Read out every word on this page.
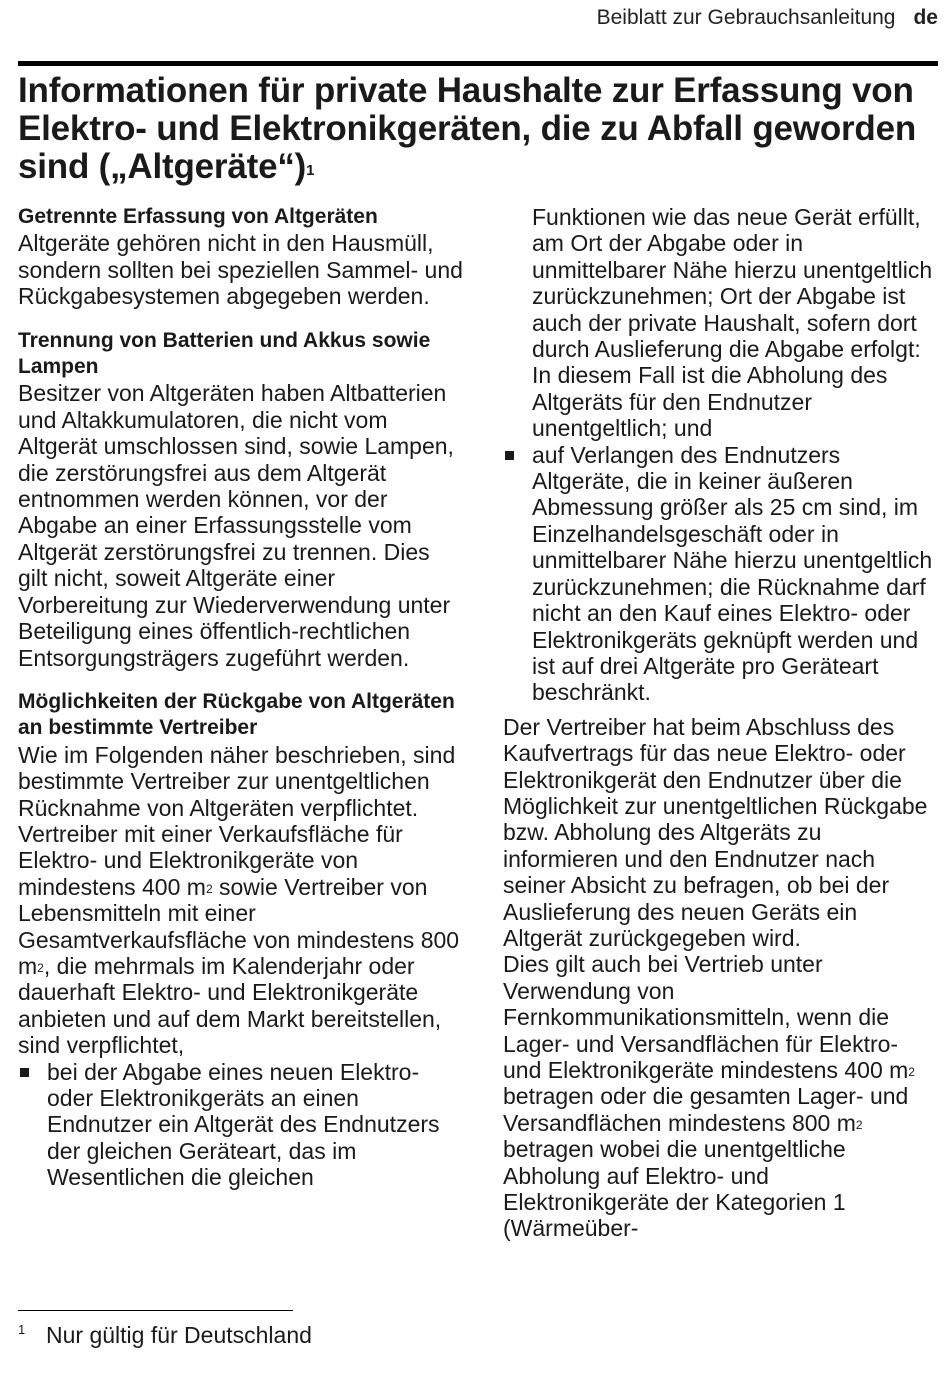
Beiblatt zur Gebrauchsanleitung de
Informationen für private Haushalte zur Erfassung von Elektro- und Elektronikgeräten, die zu Abfall geworden sind („Altgeräte“)$^1$
Getrennte Erfassung von Altgeräten

Altgeräte gehören nicht in den Hausmüll, sondern sollten bei speziellen Sammel- und Rückgabesystemen abgegeben werden.

Trennung von Batterien und Akkus sowie Lampen

Besitzer von Altgeräten haben Altbatterien und Altakkumulatoren, die nicht vom Altgerät umschlossen sind, sowie Lampen, die zerstörungsfrei aus dem Altgerät entnommen werden können, vor der Abgabe an einer Erfassungsstelle vom Altgerät zerstörungsfrei zu trennen. Dies gilt nicht, soweit Altgeräte einer Vorbereitung zur Wiederverwendung unter Beteiligung eines öffentlich-rechtlichen Entsorgungsträgers zugeführt werden.

Möglichkeiten der Rückgabe von Altgeräten an bestimmte Vertreiber

Wie im Folgenden näher beschrieben, sind bestimmte Vertreiber zur unentgeltlichen Rücknahme von Altgeräten verpflichtet.

Vertreiber mit einer Verkaufsfläche für Elektro- und Elektronikgeräte von mindestens 400 $m^2$ sowie Vertreiber von Lebensmitteln mit einer Gesamtverkaufsfläche von mindestens 800 $m^2$, die mehrmals im Kalenderjahr oder dauerhaft Elektro- und Elektronikgeräte anbieten und auf dem Markt bereitstellen, sind verpflichtet,

bei der Abgabe eines neuen Elektro- oder Elektronikgeräts an einen Endnutzer ein Altgerät des Endnutzers der gleichen Geräteart, das im Wesentlichen die gleichen

Funktionen wie das neue Gerät erfüllt, am Ort der Abgabe oder in unmittelbarer Nähe hierzu unentgeltlich zurückzunehmen; Ort der Abgabe ist auch der private Haushalt, sofern dort durch Auslieferung die Abgabe erfolgt: In diesem Fall ist die Abholung des Altgeräts für den Endnutzer unentgeltlich; und

auf Verlangen des Endnutzers Altgeräte, die in keiner äußeren Abmessung größer als 25 cm sind, im Einzelhandelsgeschäft oder in unmittelbarer Nähe hierzu unentgeltlich zurückzunehmen; die Rücknahme darf nicht an den Kauf eines Elektro- oder Elektronikgeräts geknüpft werden und ist auf drei Altgeräte pro Geräteart beschränkt.

Der Vertreiber hat beim Abschluss des Kaufvertrags für das neue Elektro- oder Elektronikgerät den Endnutzer über die Möglichkeit zur unentgeltlichen Rückgabe bzw. Abholung des Altgeräts zu informieren und den Endnutzer nach seiner Absicht zu befragen, ob bei der Auslieferung des neuen Geräts ein Altgerät zurückgegeben wird.

Dies gilt auch bei Vertrieb unter Verwendung von Fernkommunikationsmitteln, wenn die Lager- und Versandflächen für Elektro- und Elektronikgeräte mindestens 400 $m^2$ betragen oder die gesamten Lager- und Versandflächen mindestens 800 $m^2$ betragen wobei die unentgeltliche Abholung auf Elektro- und Elektronikgeräte der Kategorien 1 (Wärmeüber-

1 Nur gültig für Deutschland
